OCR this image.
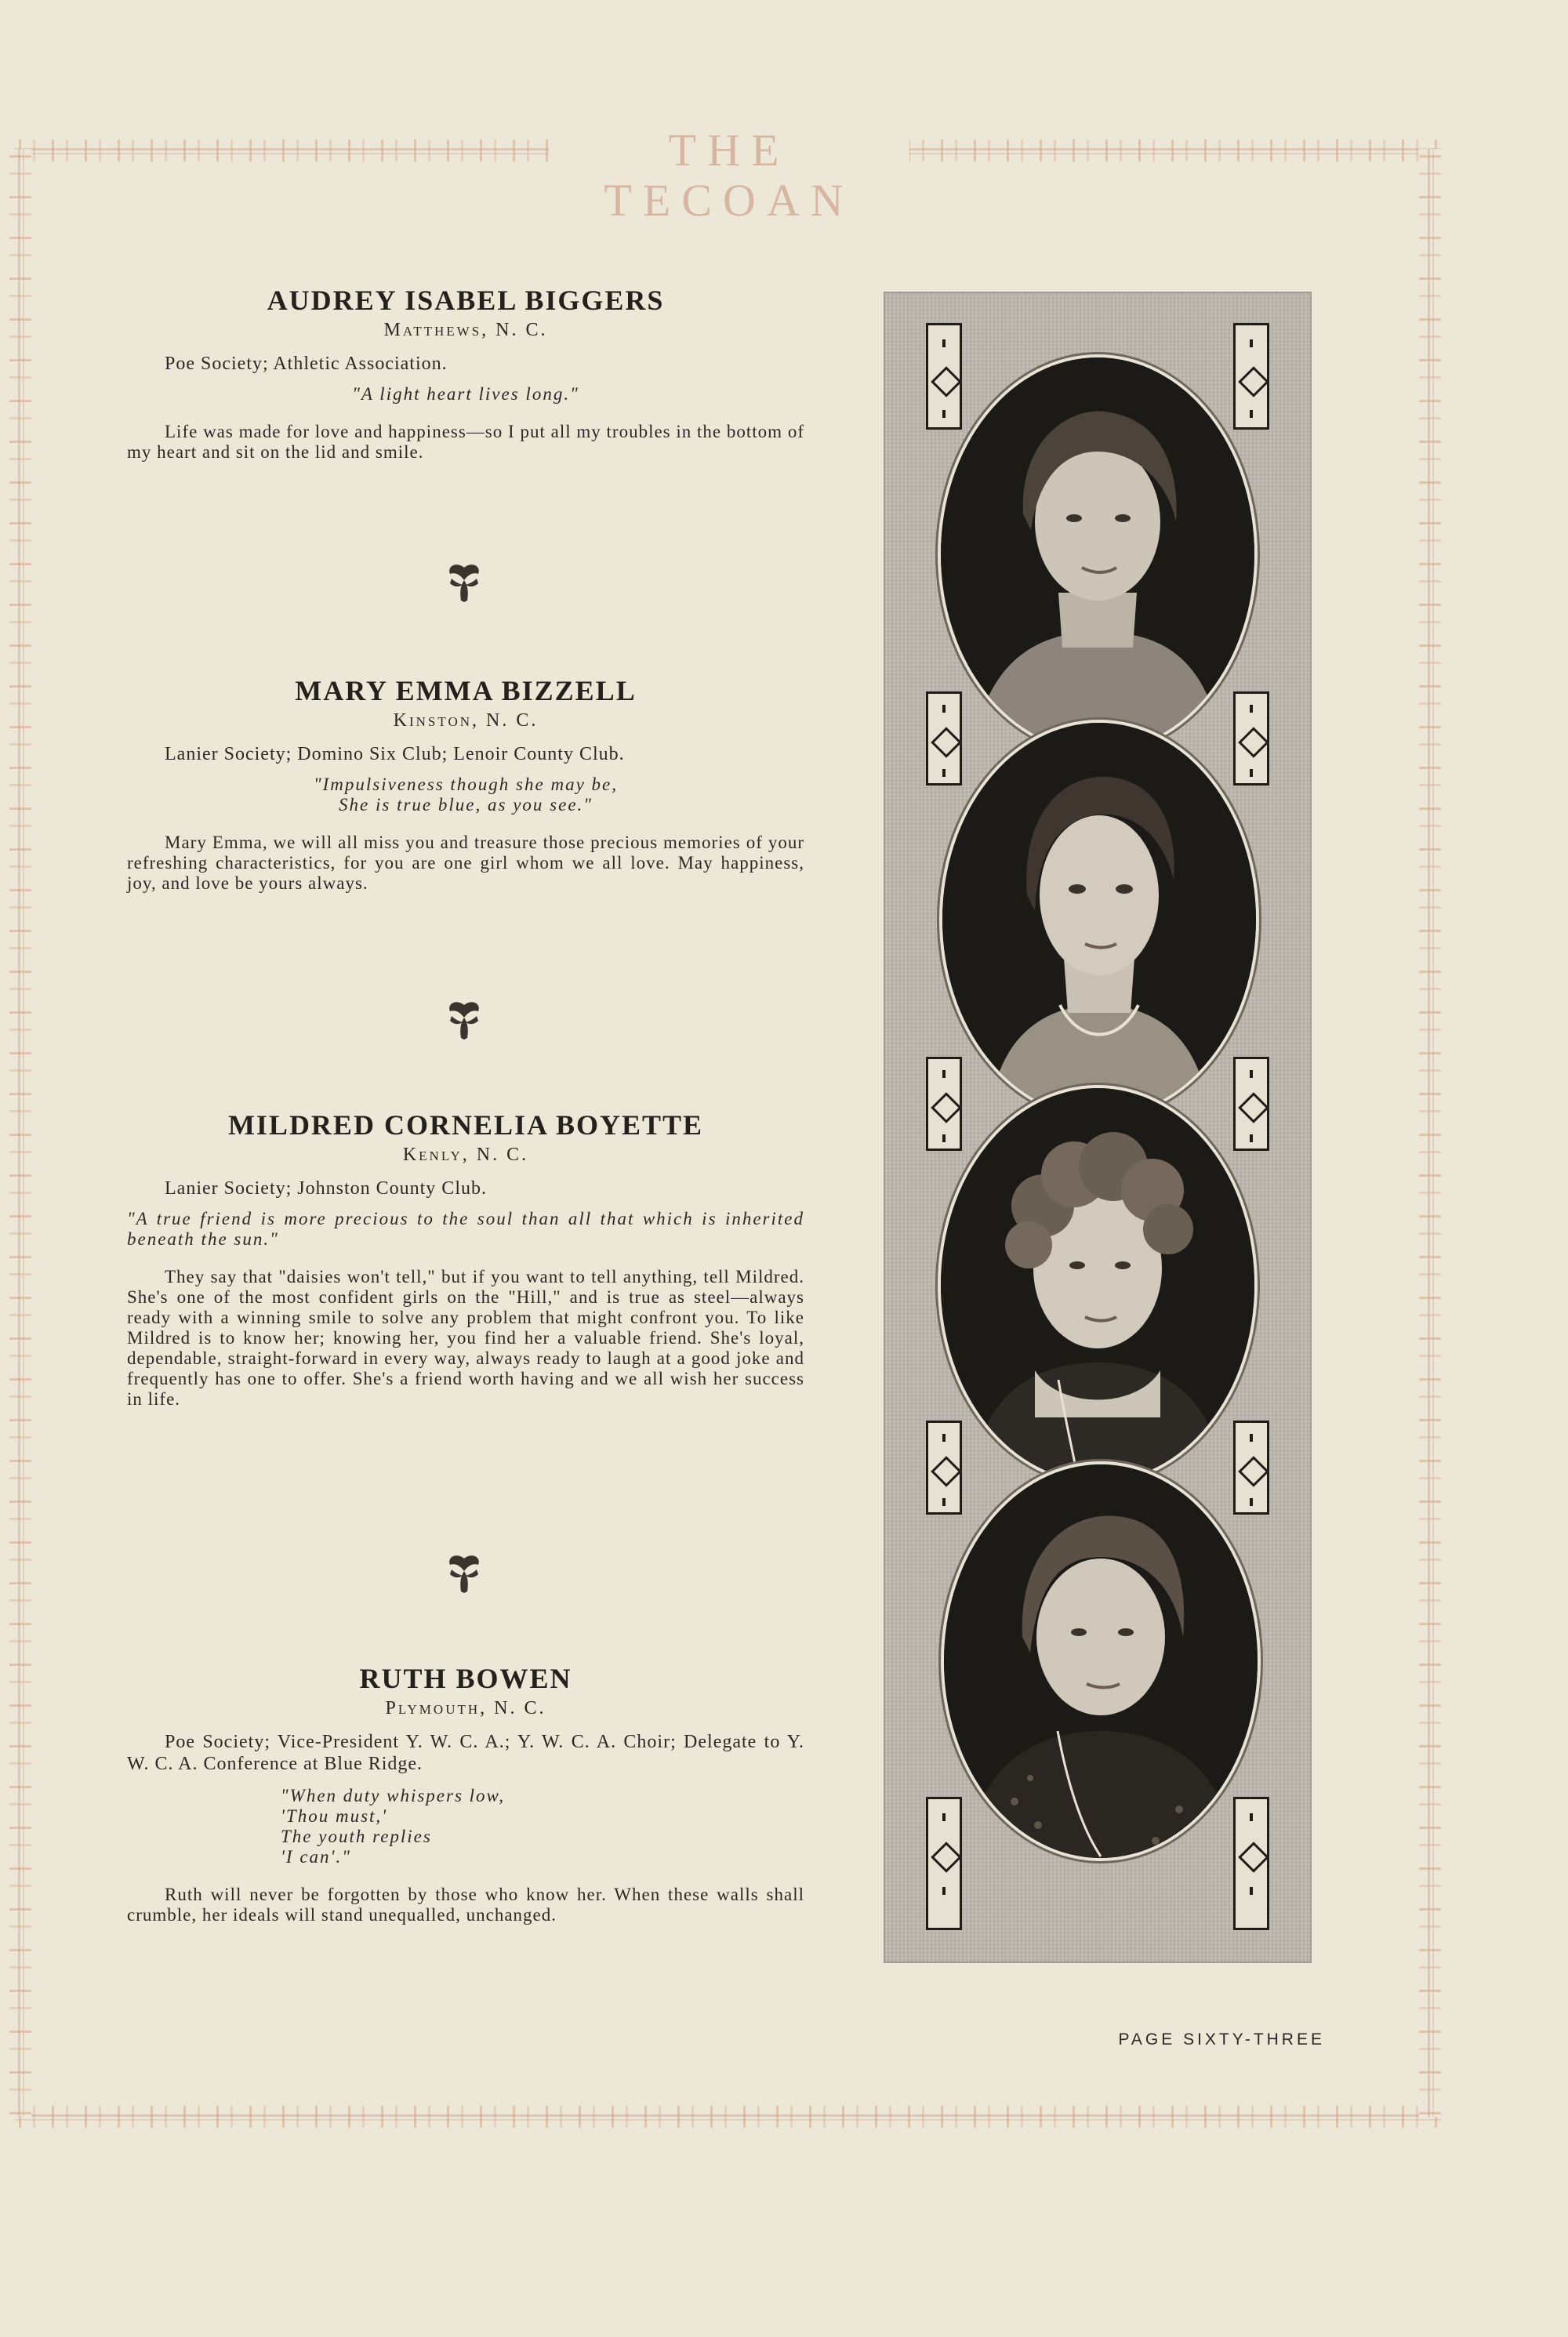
THE TECOAN
AUDREY ISABEL BIGGERS
Matthews, N. C.

Poe Society; Athletic Association.

"A light heart lives long."

Life was made for love and happiness—so I put all my troubles in the bottom of my heart and sit on the lid and smile.

MARY EMMA BIZZELL
Kinston, N. C.

Lanier Society; Domino Six Club; Lenoir County Club.

"Impulsiveness though she may be,

She is true blue, as you see."

Mary Emma, we will all miss you and treasure those precious memories of your refreshing characteristics, for you are one girl whom we all love. May happiness, joy, and love be yours always.

MILDRED CORNELIA BOYETTE
Kenly, N. C.

Lanier Society; Johnston County Club.

"A true friend is more precious to the soul than all that which is inherited beneath the sun."

They say that "daisies won't tell," but if you want to tell anything, tell Mildred. She's one of the most confident girls on the "Hill," and is true as steel—always ready with a winning smile to solve any problem that might confront you. To like Mildred is to know her; knowing her, you find her a valuable friend. She's loyal, dependable, straight-forward in every way, always ready to laugh at a good joke and frequently has one to offer. She's a friend worth having and we all wish her success in life.

RUTH BOWEN
Plymouth, N. C.

Poe Society; Vice-President Y. W. C. A.; Y. W. C. A. Choir; Delegate to Y. W. C. A. Conference at Blue Ridge.

"When duty whispers low,

'Thou must,'

The youth replies

'I can'."

Ruth will never be forgotten by those who know her. When these walls shall crumble, her ideals will stand unequalled, unchanged.

PAGE SIXTY-THREE
